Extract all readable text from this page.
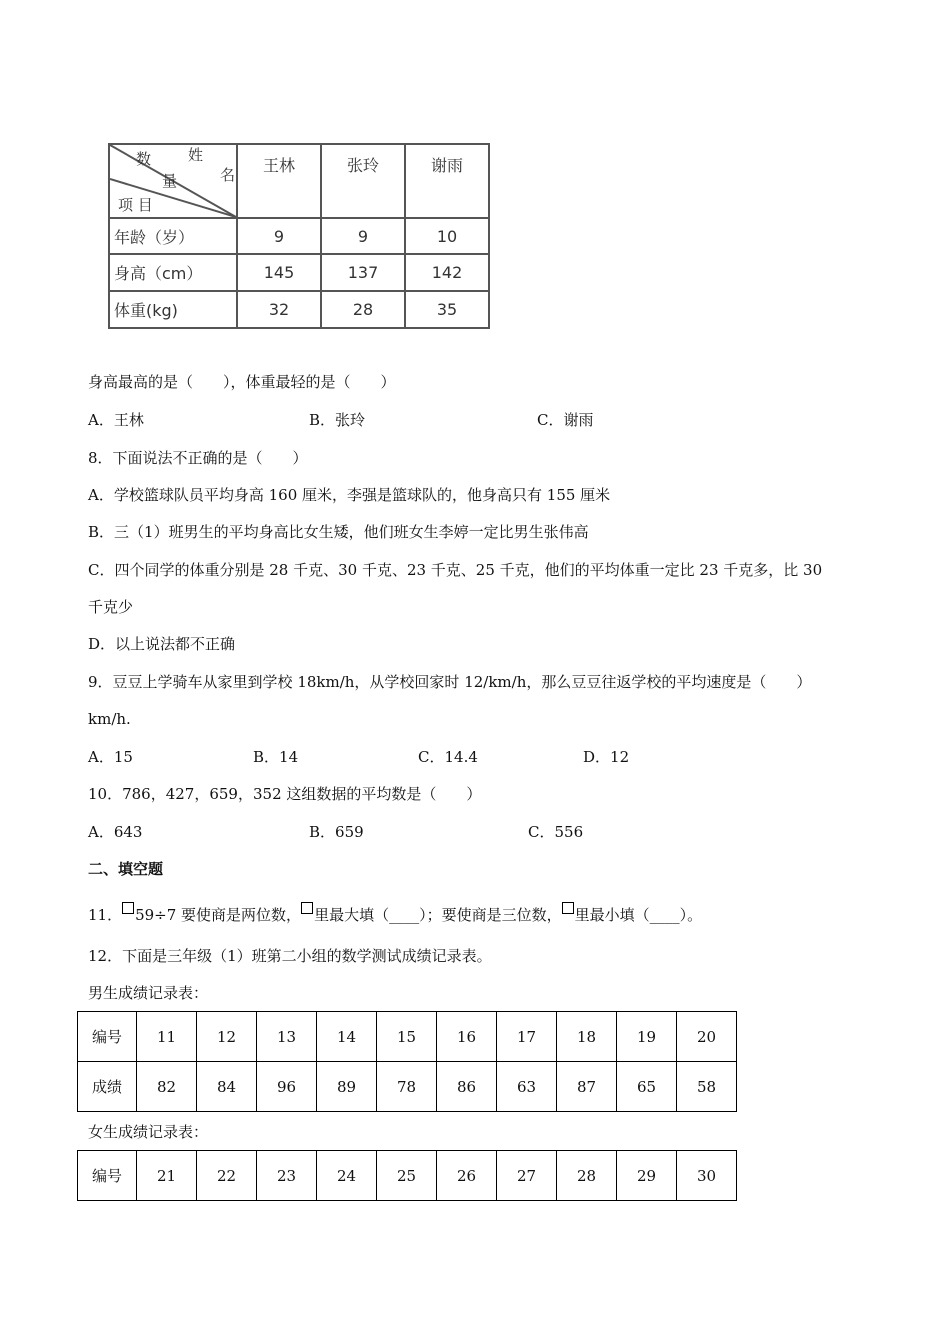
数 姓
名
量
项 目	王林	张玲	谢雨
年龄（岁）	9	9	10
身高（cm）	145	137	142
体重(kg)	32	28	35
身高最高的是（　　），体重最轻的是（　　）
A．王林	B．张玲	C．谢雨
8．下面说法不正确的是（　　）
A．学校篮球队员平均身高 160 厘米，李强是篮球队的，他身高只有 155 厘米
B．三（1）班男生的平均身高比女生矮，他们班女生李婷一定比男生张伟高
C．四个同学的体重分别是 28 千克、30 千克、23 千克、25 千克，他们的平均体重一定比 23 千克多，比 30
千克少
D．以上说法都不正确
9．豆豆上学骑车从家里到学校 18km/h，从学校回家时 12/km/h，那么豆豆往返学校的平均速度是（　　）
km/h.
A．15	B．14	C．14.4	D．12
10．786，427，659，352 这组数据的平均数是（　　）
A．643	B．659	C．556
二、填空题
11． 59÷7 要使商是两位数， 里最大填（____）；要使商是三位数， 里最小填（____）。
12．下面是三年级（1）班第二小组的数学测试成绩记录表。
男生成绩记录表：
编号	11	12	13	14	15	16	17	18	19	20
成绩	82	84	96	89	78	86	63	87	65	58
女生成绩记录表：
编号	21	22	23	24	25	26	27	28	29	30
